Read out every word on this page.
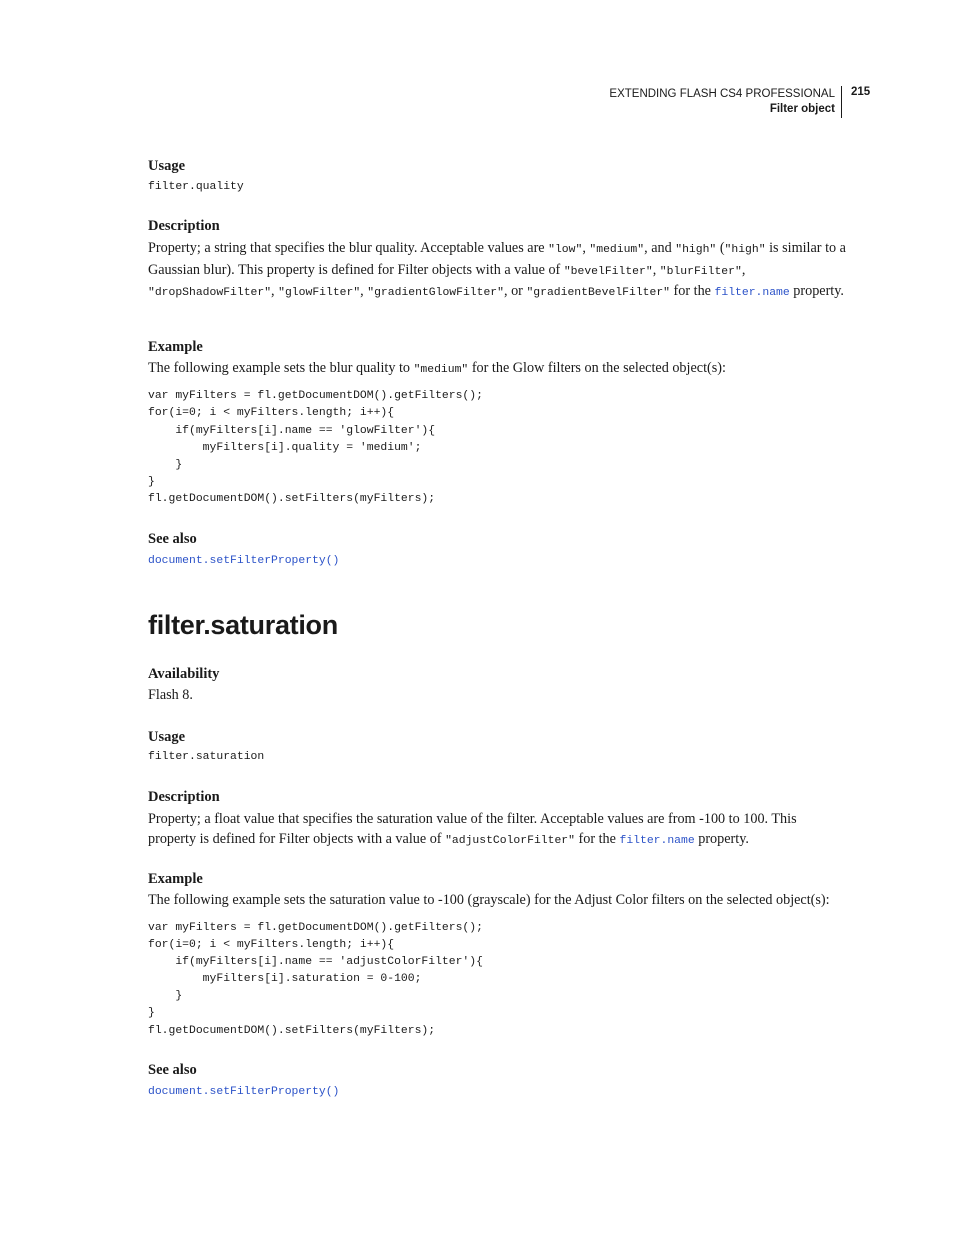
EXTENDING FLASH CS4 PROFESSIONAL
Filter object
215
Usage
filter.quality
Description

Property; a string that specifies the blur quality. Acceptable values are "low", "medium", and "high" ("high" is similar to a Gaussian blur). This property is defined for Filter objects with a value of "bevelFilter", "blurFilter", "dropShadowFilter", "glowFilter", "gradientGlowFilter", or "gradientBevelFilter" for the filter.name property.

Example

The following example sets the blur quality to "medium" for the Glow filters on the selected object(s):

var myFilters = fl.getDocumentDOM().getFilters();
for(i=0; i < myFilters.length; i++){
if(myFilters[i].name == 'glowFilter'){
myFilters[i].quality = 'medium';
}
}
fl.getDocumentDOM().setFilters(myFilters);
See also
document.setFilterProperty()
filter.saturation
Availability

Flash 8.

Usage
filter.saturation
Description

Property; a float value that specifies the saturation value of the filter. Acceptable values are from -100 to 100. This property is defined for Filter objects with a value of "adjustColorFilter" for the filter.name property.

Example

The following example sets the saturation value to -100 (grayscale) for the Adjust Color filters on the selected object(s):

var myFilters = fl.getDocumentDOM().getFilters();
for(i=0; i < myFilters.length; i++){
if(myFilters[i].name == 'adjustColorFilter'){
myFilters[i].saturation = 0-100;
}
}
fl.getDocumentDOM().setFilters(myFilters);
See also
document.setFilterProperty()
